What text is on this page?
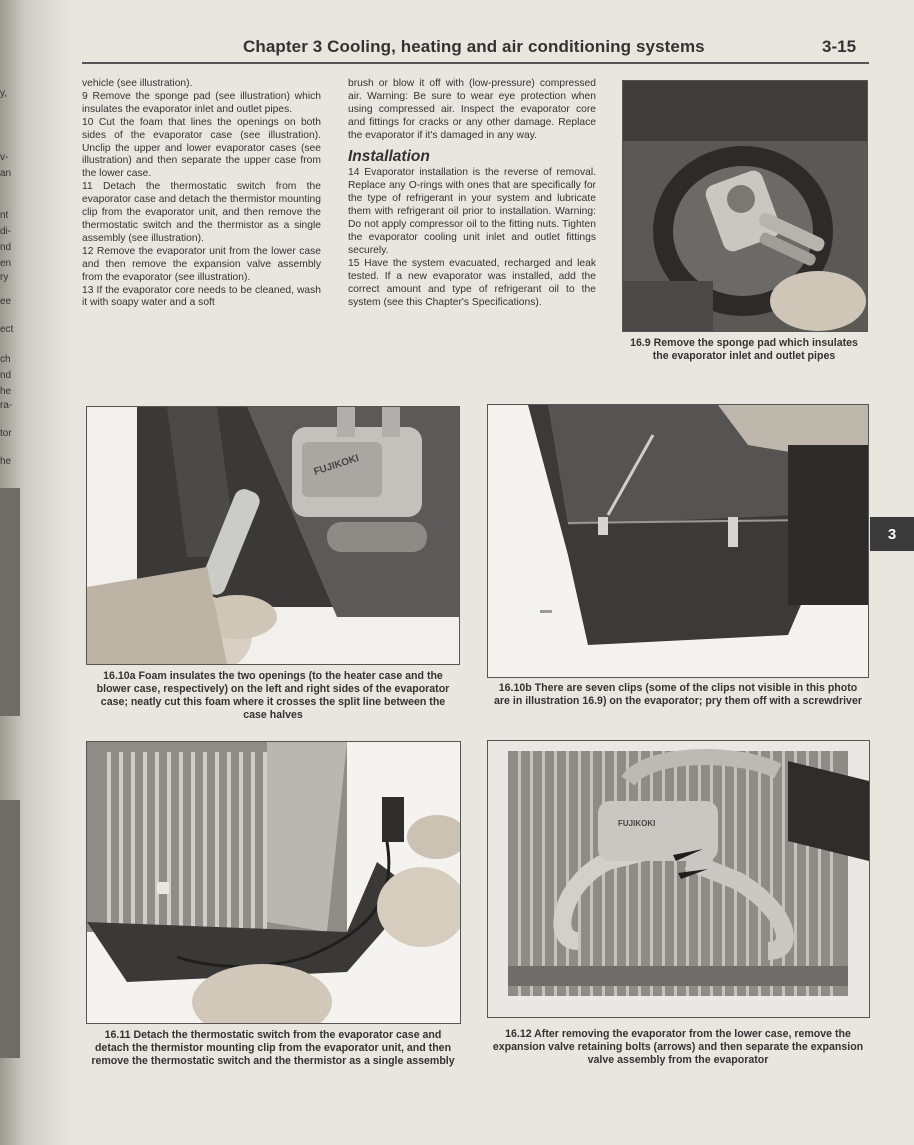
y,
v-
an
nt
di-
nd
en
ry
ee
ect
ch
nd
he
ra-
tor
he
Chapter 3 Cooling, heating and air conditioning systems	3-15
3

vehicle (see illustration).

9 Remove the sponge pad (see illustration) which insulates the evaporator inlet and outlet pipes.

10 Cut the foam that lines the openings on both sides of the evaporator case (see illustration). Unclip the upper and lower evaporator cases (see illustration) and then separate the upper case from the lower case.

11 Detach the thermostatic switch from the evaporator case and detach the thermistor mounting clip from the evaporator unit, and then remove the thermostatic switch and the thermistor as a single assembly (see illustration).

12 Remove the evaporator unit from the lower case and then remove the expansion valve assembly from the evaporator (see illustration).

13 If the evaporator core needs to be cleaned, wash it with soapy water and a soft

brush or blow it off with (low-pressure) compressed air. Warning: Be sure to wear eye protection when using compressed air. Inspect the evaporator core and fittings for cracks or any other damage. Replace the evaporator if it's damaged in any way.

Installation

14 Evaporator installation is the reverse of removal. Replace any O-rings with ones that are specifically for the type of refrigerant in your system and lubricate them with refrigerant oil prior to installation. Warning: Do not apply compressor oil to the fitting nuts. Tighten the evaporator cooling unit inlet and outlet fittings securely.

15 Have the system evacuated, recharged and leak tested. If a new evaporator was installed, add the correct amount and type of refrigerant oil to the system (see this Chapter's Specifications).

16.9 Remove the sponge pad which insulates the evaporator inlet and outlet pipes
FUJIKOKI
16.10a Foam insulates the two openings (to the heater case and the blower case, respectively) on the left and right sides of the evaporator case; neatly cut this foam where it crosses the split line between the case halves
16.10b There are seven clips (some of the clips not visible in this photo are in illustration 16.9) on the evaporator; pry them off with a screwdriver
16.11 Detach the thermostatic switch from the evaporator case and detach the thermistor mounting clip from the evaporator unit, and then remove the thermostatic switch and the thermistor as a single assembly
FUJIKOKI
16.12 After removing the evaporator from the lower case, remove the expansion valve retaining bolts (arrows) and then separate the expansion valve assembly from the evaporator
